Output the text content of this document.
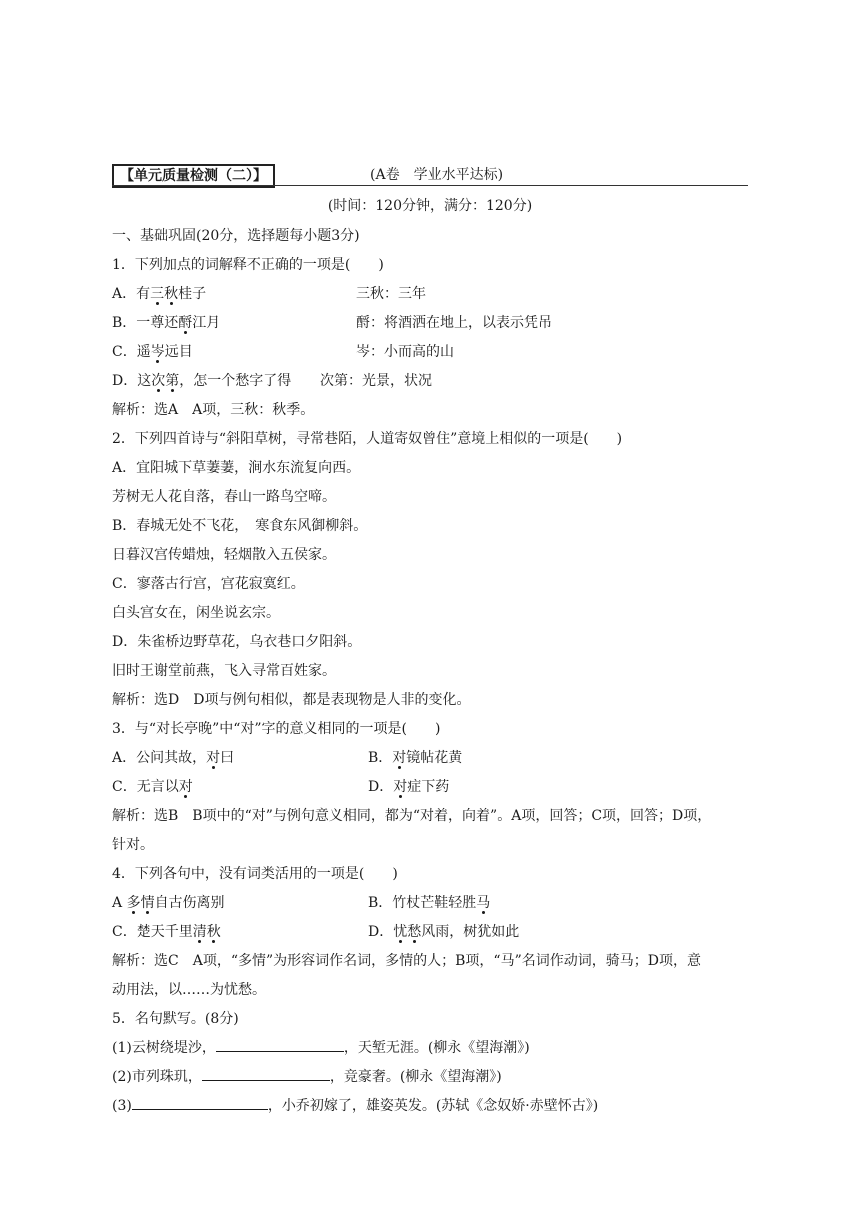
【单元质量检测（二）】	(A卷　学业水平达标)
(时间：120分钟，满分：120分)
一、基础巩固(20分，选择题每小题3分)
1．下列加点的词解释不正确的一项是(　　)
A．有三秋桂子	三秋：三年
B．一尊还酹江月	酹：将酒洒在地上，以表示凭吊
C．遥岑远目	岑：小而高的山
D．这次第，怎一个愁字了得 次第：光景，状况
解析：选A　A项，三秋：秋季。
2．下列四首诗与“斜阳草树，寻常巷陌，人道寄奴曾住”意境上相似的一项是(　　)
A．宜阳城下草萋萋，涧水东流复向西。
芳树无人花自落，春山一路鸟空啼。
B．春城无处不飞花，　寒食东风御柳斜。
日暮汉宫传蜡烛，轻烟散入五侯家。
C．寥落古行宫，宫花寂寞红。
白头宫女在，闲坐说玄宗。
D．朱雀桥边野草花，乌衣巷口夕阳斜。
旧时王谢堂前燕，飞入寻常百姓家。
解析：选D　D项与例句相似，都是表现物是人非的变化。
3．与“对长亭晚”中“对”字的意义相同的一项是(　　)
A．公问其故，对曰	B．对镜帖花黄
C．无言以对	D．对症下药
解析：选B　B项中的“对”与例句意义相同，都为“对着，向着”。A项，回答；C项，回答；D项，
针对。
4．下列各句中，没有词类活用的一项是(　　)
A 多情自古伤离别	B．竹杖芒鞋轻胜马
C．楚天千里清秋	D．忧愁风雨，树犹如此
解析：选C　A项，“多情”为形容词作名词，多情的人；B项，“马”名词作动词，骑马；D项，意
动用法，以……为忧愁。
5．名句默写。(8分)
(1)云树绕堤沙，	，天堑无涯。(柳永《望海潮》)
(2)市列珠玑，	，竞豪奢。(柳永《望海潮》)
(3)	，小乔初嫁了，雄姿英发。(苏轼《念奴娇·赤壁怀古》)
